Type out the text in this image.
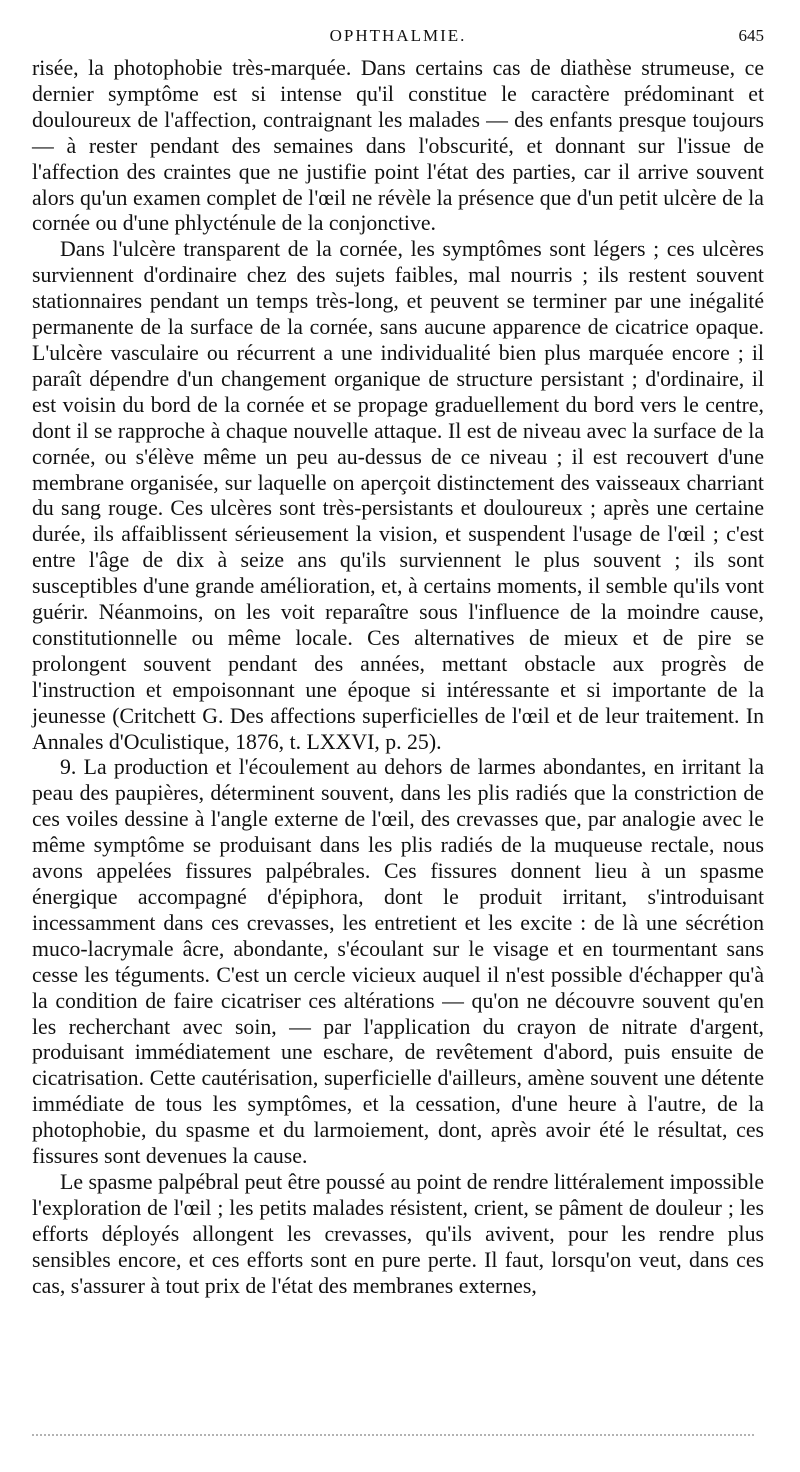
OPHTHALMIE.	645

risée, la photophobie très-marquée. Dans certains cas de diathèse strumeuse, ce dernier symptôme est si intense qu'il constitue le caractère prédominant et douloureux de l'affection, contraignant les malades — des enfants presque toujours — à rester pendant des semaines dans l'obscurité, et donnant sur l'issue de l'affection des craintes que ne justifie point l'état des parties, car il arrive souvent alors qu'un examen complet de l'œil ne révèle la présence que d'un petit ulcère de la cornée ou d'une phlycténule de la conjonctive.

Dans l'ulcère transparent de la cornée, les symptômes sont légers ; ces ulcères surviennent d'ordinaire chez des sujets faibles, mal nourris ; ils restent souvent stationnaires pendant un temps très-long, et peuvent se terminer par une inégalité permanente de la surface de la cornée, sans aucune apparence de cicatrice opaque. L'ulcère vasculaire ou récurrent a une individualité bien plus marquée encore ; il paraît dépendre d'un changement organique de structure persistant ; d'ordinaire, il est voisin du bord de la cornée et se propage graduellement du bord vers le centre, dont il se rapproche à chaque nouvelle attaque. Il est de niveau avec la surface de la cornée, ou s'élève même un peu au-dessus de ce niveau ; il est recouvert d'une membrane organisée, sur laquelle on aperçoit distinctement des vaisseaux charriant du sang rouge. Ces ulcères sont très-persistants et douloureux ; après une certaine durée, ils affaiblissent sérieusement la vision, et suspendent l'usage de l'œil ; c'est entre l'âge de dix à seize ans qu'ils surviennent le plus souvent ; ils sont susceptibles d'une grande amélioration, et, à certains moments, il semble qu'ils vont guérir. Néanmoins, on les voit reparaître sous l'influence de la moindre cause, constitutionnelle ou même locale. Ces alternatives de mieux et de pire se prolongent souvent pendant des années, mettant obstacle aux progrès de l'instruction et empoisonnant une époque si intéressante et si importante de la jeunesse (Critchett G. Des affections superficielles de l'œil et de leur traitement. In Annales d'Oculistique, 1876, t. LXXVI, p. 25).

9. La production et l'écoulement au dehors de larmes abondantes, en irritant la peau des paupières, déterminent souvent, dans les plis radiés que la constriction de ces voiles dessine à l'angle externe de l'œil, des crevasses que, par analogie avec le même symptôme se produisant dans les plis radiés de la muqueuse rectale, nous avons appelées fissures palpébrales. Ces fissures donnent lieu à un spasme énergique accompagné d'épiphora, dont le produit irritant, s'introduisant incessamment dans ces crevasses, les entretient et les excite : de là une sécrétion muco-lacrymale âcre, abondante, s'écoulant sur le visage et en tourmentant sans cesse les téguments. C'est un cercle vicieux auquel il n'est possible d'échapper qu'à la condition de faire cicatriser ces altérations — qu'on ne découvre souvent qu'en les recherchant avec soin, — par l'application du crayon de nitrate d'argent, produisant immédiatement une eschare, de revêtement d'abord, puis ensuite de cicatrisation. Cette cautérisation, superficielle d'ailleurs, amène souvent une détente immédiate de tous les symptômes, et la cessation, d'une heure à l'autre, de la photophobie, du spasme et du larmoiement, dont, après avoir été le résultat, ces fissures sont devenues la cause.

Le spasme palpébral peut être poussé au point de rendre littéralement impossible l'exploration de l'œil ; les petits malades résistent, crient, se pâment de douleur ; les efforts déployés allongent les crevasses, qu'ils avivent, pour les rendre plus sensibles encore, et ces efforts sont en pure perte. Il faut, lorsqu'on veut, dans ces cas, s'assurer à tout prix de l'état des membranes externes,
